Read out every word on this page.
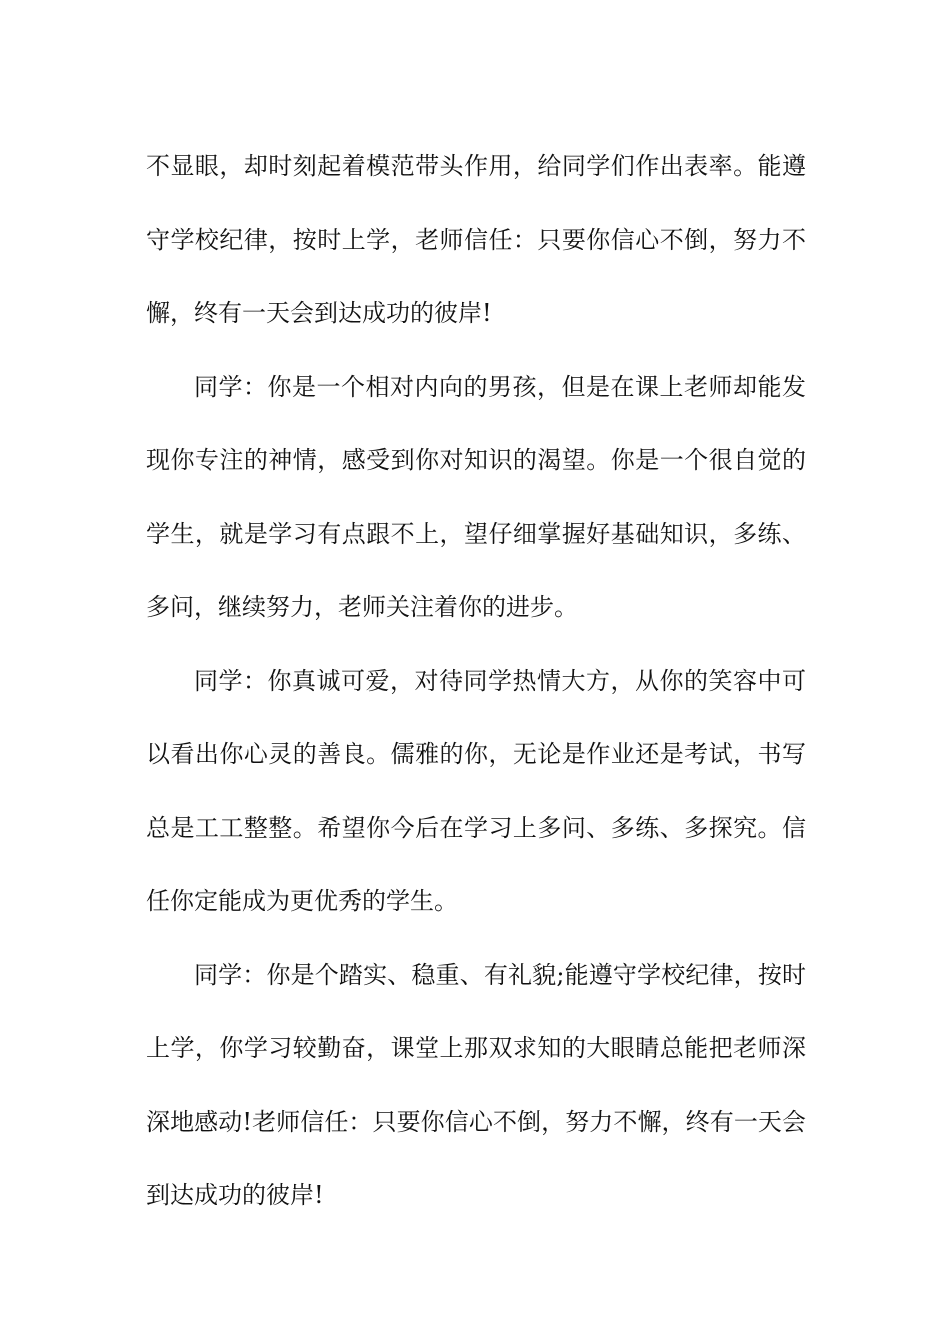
不显眼，却时刻起着模范带头作用，给同学们作出表率。能遵守学校纪律，按时上学，老师信任：只要你信心不倒，努力不懈，终有一天会到达成功的彼岸!

同学：你是一个相对内向的男孩，但是在课上老师却能发现你专注的神情，感受到你对知识的渴望。你是一个很自觉的学生，就是学习有点跟不上，望仔细掌握好基础知识，多练、多问，继续努力，老师关注着你的进步。

同学：你真诚可爱，对待同学热情大方，从你的笑容中可以看出你心灵的善良。儒雅的你，无论是作业还是考试，书写总是工工整整。希望你今后在学习上多问、多练、多探究。信任你定能成为更优秀的学生。

同学：你是个踏实、稳重、有礼貌;能遵守学校纪律，按时上学，你学习较勤奋，课堂上那双求知的大眼睛总能把老师深深地感动!老师信任：只要你信心不倒，努力不懈，终有一天会到达成功的彼岸!
